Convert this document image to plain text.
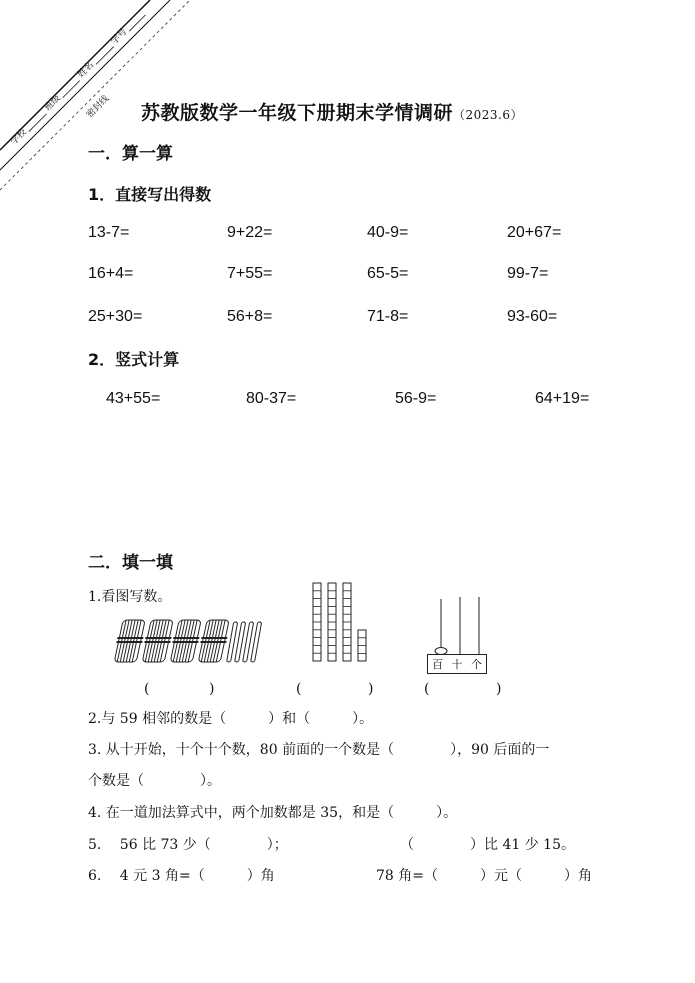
学校
班级
姓名
学号
密封线 苏教版数学一年级下册期末学情调研（2023.6）
一．算一算
1．直接写出得数
13-7=	9+22=	40-9=	20+67=
16+4=	7+55=	65-5=	99-7=
25+30=	56+8=	71-8=	93-60=
2．竖式计算
43+55=	80-37=	56-9=	64+19=
二．填一填
1.看图写数。
百 十 个
(	)	(	)	(	)
2.与 59 相邻的数是（　　　）和（　　　）。
3. 从十开始，十个十个数，80 前面的一个数是（　　　　），90 后面的一
个数是（　　　　）。
4. 在一道加法算式中，两个加数都是 35，和是（　　　）。
5.　 56 比 73 少（　　　　）；	（　　　　）比 41 少 15。
6.　 4 元 3 角=（　　　）角	78 角=（　　　）元（　　　）角
